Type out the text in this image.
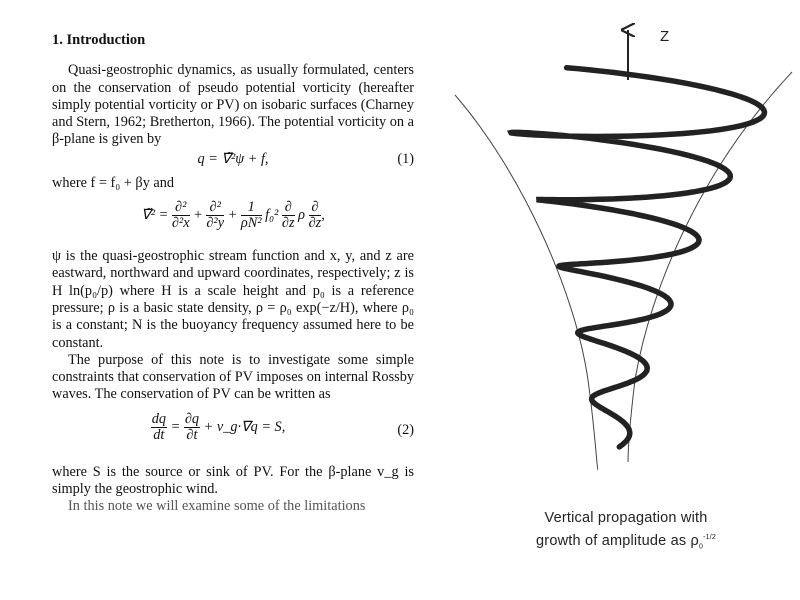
1. Introduction

Quasi-geostrophic dynamics, as usually formulated, centers on the conservation of pseudo potential vorticity (hereafter simply potential vorticity or PV) on isobaric surfaces (Charney and Stern, 1962; Bretherton, 1966). The potential vorticity on a β-plane is given by

q = ∇̃²ψ + f,	(1)

where f = f₀ + βy and

∇̃² = $\frac{\text{∂²}}{\text{∂²x}} + \frac{\text{∂²}}{\text{∂²y}} + \frac{1}{\text{ρN²}} f_0^2 \frac{\partial}{\partial z}$ ρ $\frac{\partial}{\partial z}$ ,

ψ is the quasi-geostrophic stream function and x, y, and z are eastward, northward and upward coordinates, respectively; z is H ln(p₀/p) where H is a scale height and p₀ is a reference pressure; ρ is a basic state density, ρ = ρ₀ exp(−z/H), where ρ₀ is a constant; N is the buoyancy frequency assumed here to be constant.

The purpose of this note is to investigate some simple constraints that conservation of PV imposes on internal Rossby waves. The conservation of PV can be written as

$\frac{dq}{dt} = \frac{\partial q}{\partial t}$ + v_g·∇q = S,	(2)

where S is the source or sink of PV. For the β-plane v_g is simply the geostrophic wind.

In this note we will examine some of the limitations

Z
Vertical propagation with
growth of amplitude as $\rho_0^{-1/2}$
